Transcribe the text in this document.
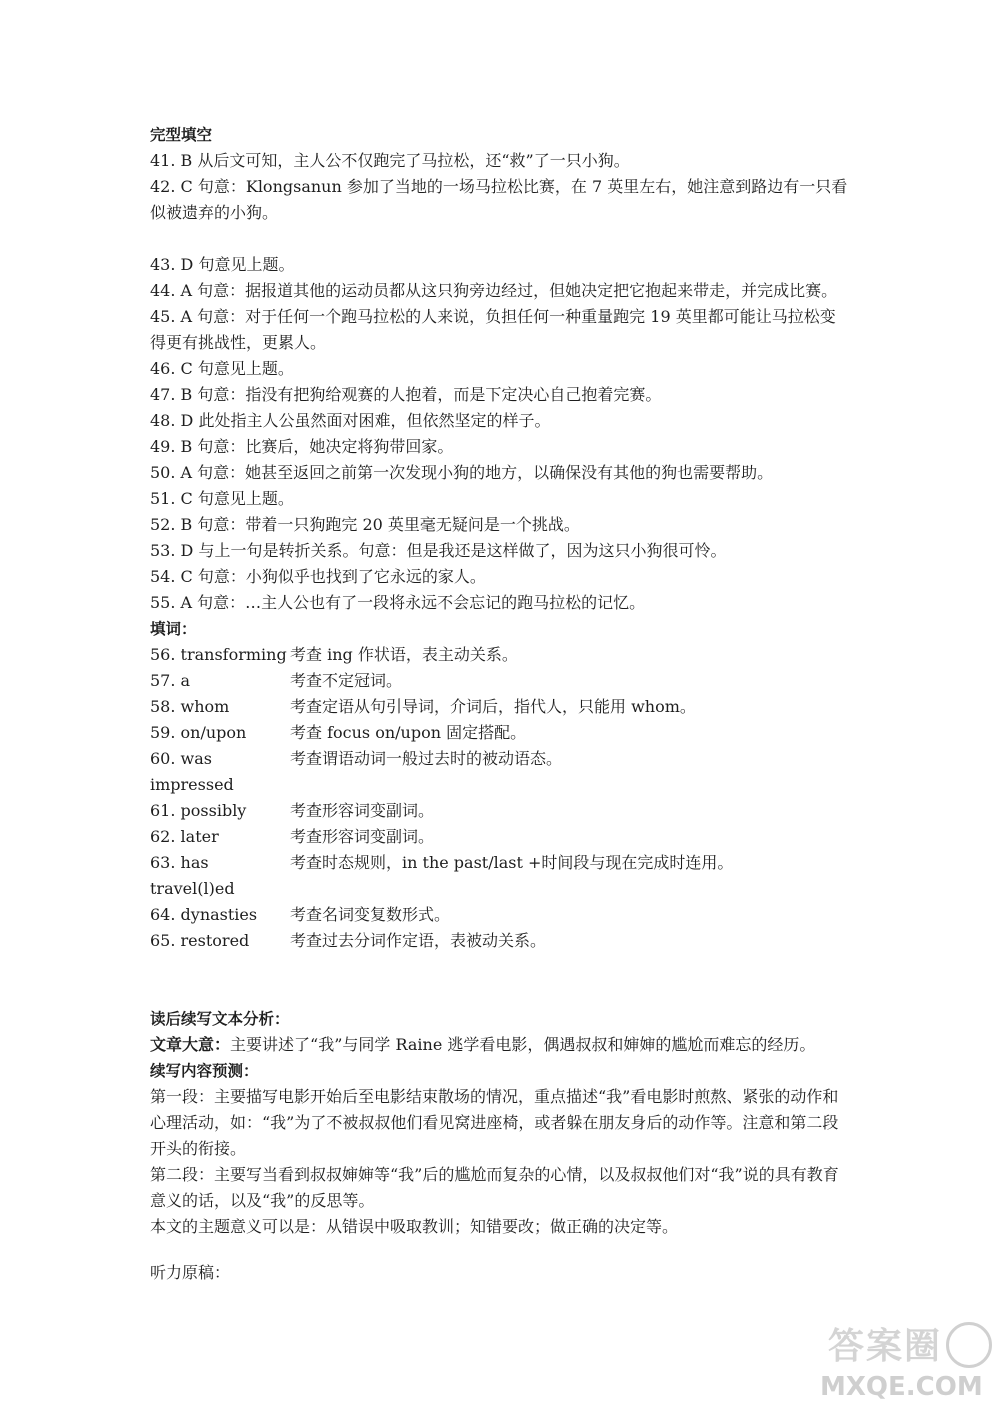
完型填空
41. B 从后文可知，主人公不仅跑完了马拉松，还“救”了一只小狗。
42. C 句意：Klongsanun 参加了当地的一场马拉松比赛，在 7 英里左右，她注意到路边有一只看似被遗弃的小狗。
43. D 句意见上题。
44. A 句意：据报道其他的运动员都从这只狗旁边经过，但她决定把它抱起来带走，并完成比赛。
45. A 句意：对于任何一个跑马拉松的人来说，负担任何一种重量跑完 19 英里都可能让马拉松变得更有挑战性，更累人。
46. C 句意见上题。
47. B 句意：指没有把狗给观赛的人抱着，而是下定决心自己抱着完赛。
48. D 此处指主人公虽然面对困难，但依然坚定的样子。
49. B 句意：比赛后，她决定将狗带回家。
50. A 句意：她甚至返回之前第一次发现小狗的地方，以确保没有其他的狗也需要帮助。
51. C 句意见上题。
52. B 句意：带着一只狗跑完 20 英里毫无疑问是一个挑战。
53. D 与上一句是转折关系。句意：但是我还是这样做了，因为这只小狗很可怜。
54. C 句意：小狗似乎也找到了它永远的家人。
55. A 句意：…主人公也有了一段将永远不会忘记的跑马拉松的记忆。
填词：
56. transforming 考查 ing 作状语，表主动关系。
57. a	考查不定冠词。
58. whom	考查定语从句引导词，介词后，指代人，只能用 whom。
59. on/upon	考查 focus on/upon 固定搭配。
60. was impressed
考查谓语动词一般过去时的被动语态。
61. possibly	考查形容词变副词。
62. later	考查形容词变副词。
63. has travel(l)ed
考查时态规则，in the past/last +时间段与现在完成时连用。
64. dynasties	考查名词变复数形式。
65. restored	考查过去分词作定语，表被动关系。
读后续写文本分析：
文章大意：主要讲述了“我”与同学 Raine 逃学看电影，偶遇叔叔和婶婶的尴尬而难忘的经历。
续写内容预测：
第一段：主要描写电影开始后至电影结束散场的情况，重点描述“我”看电影时煎熬、紧张的动作和心理活动，如：“我”为了不被叔叔他们看见窝进座椅，或者躲在朋友身后的动作等。注意和第二段开头的衔接。
第二段：主要写当看到叔叔婶婶等“我”后的尴尬而复杂的心情，以及叔叔他们对“我”说的具有教育意义的话，以及“我”的反思等。
本文的主题意义可以是：从错误中吸取教训；知错要改；做正确的决定等。
听力原稿：
答案圈
MXQE.COM
